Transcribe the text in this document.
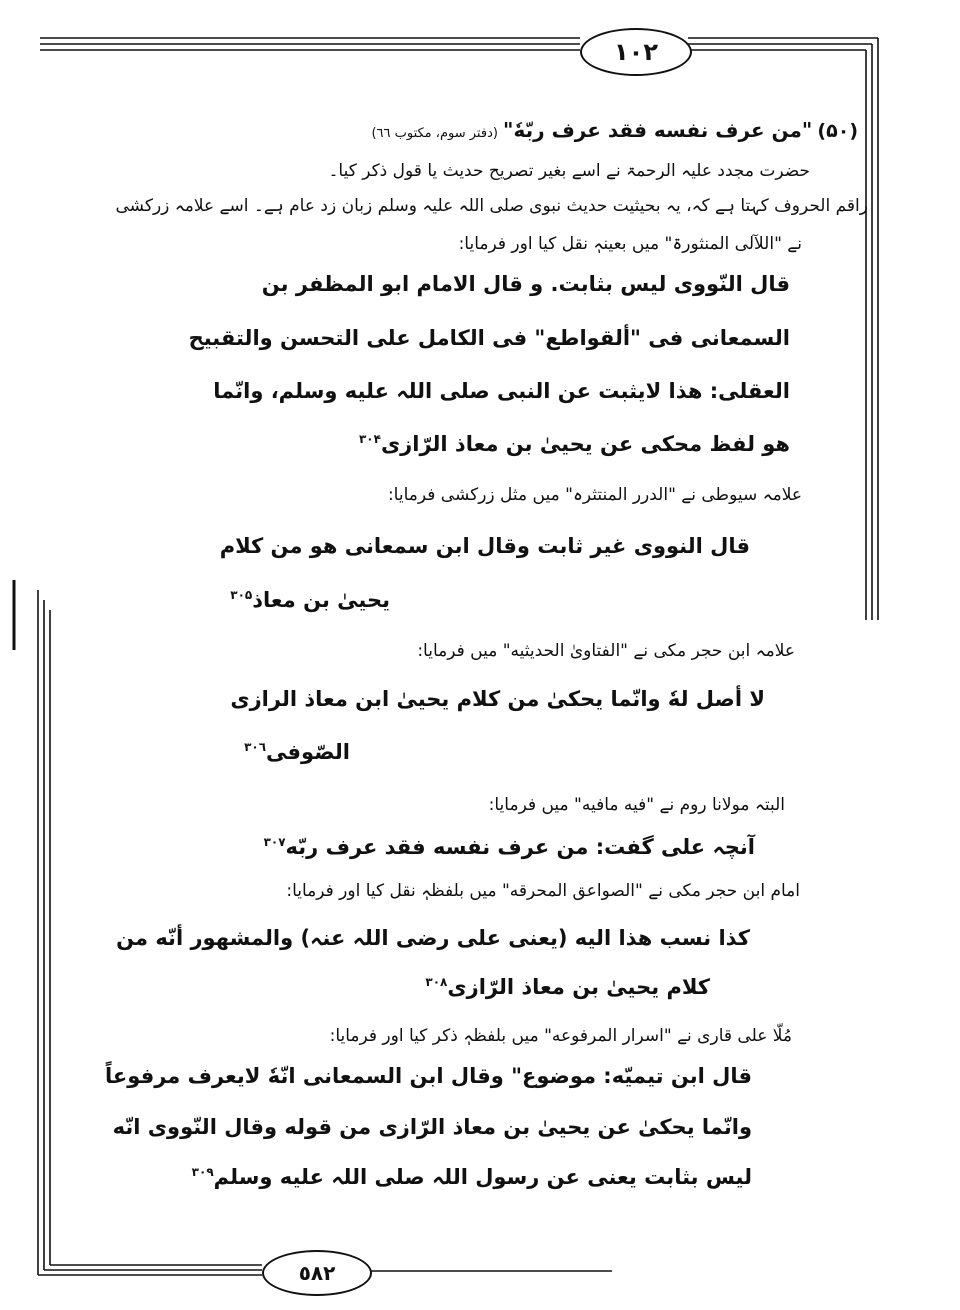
١٠٢
٥٨٢
(۵٠) "من عرف نفسه فقد عرف ربّهٗ" (دفتر سوم، مکتوب ٦٦)
حضرت مجدد علیہ الرحمۃ نے اسے بغیر تصریح حدیث یا قول ذکر کیا۔
راقم الحروف کہتا ہے کہ، یہ بحیثیت حدیث نبوی صلی اللہ علیہ وسلم زبان زد عام ہے۔ اسے علامہ زرکشی
نے "اللآلی المنثورۃ" میں بعینہٖ نقل کیا اور فرمایا:
قال النّووی لیس بثابت. و قال الامام ابو المظفر بن
السمعانی فی "ألقواطع" فی الکامل علی التحسن والتقبیح
العقلی: هذا لایثبت عن النبی صلی اللہ علیه وسلم، وانّما
هو لفظ محکی عن یحییٰ بن معاذ الرّازی$^{٣٠۴}$
علامہ سیوطی نے "الدرر المنتثرہ" میں مثل زرکشی فرمایا:
قال النووی غیر ثابت وقال ابن سمعانی هو من کلام
یحییٰ بن معاذ$^{٣٠۵}$
علامہ ابن حجر مکی نے "الفتاویٰ الحدیثیه" میں فرمایا:
لا أصل لهٗ وانّما یحکیٰ من کلام یحییٰ ابن معاذ الرازی
الصّوفی$^{٣٠٦}$
البتہ مولانا روم نے "فیه مافیه" میں فرمایا:
آنچہ علی گفت: من عرف نفسه فقد عرف ربّه$^{٣٠٧}$
امام ابن حجر مکی نے "الصواعق المحرقه" میں بلفظہٖ نقل کیا اور فرمایا:
کذا نسب هذا الیه (یعنی علی رضی اللہ عنہ) والمشهور أنّه من
کلام یحییٰ بن معاذ الرّازی$^{٣٠٨}$
مُلّا علی قاری نے "اسرار المرفوعه" میں بلفظہٖ ذکر کیا اور فرمایا:
قال ابن تیمیّه: موضوع" وقال ابن السمعانی انّهٗ لایعرف مرفوعاً
وانّما یحکیٰ عن یحییٰ بن معاذ الرّازی من قوله وقال النّووی انّه
لیس بثابت یعنی عن رسول اللہ صلی اللہ علیه وسلم$^{٣٠٩}$
